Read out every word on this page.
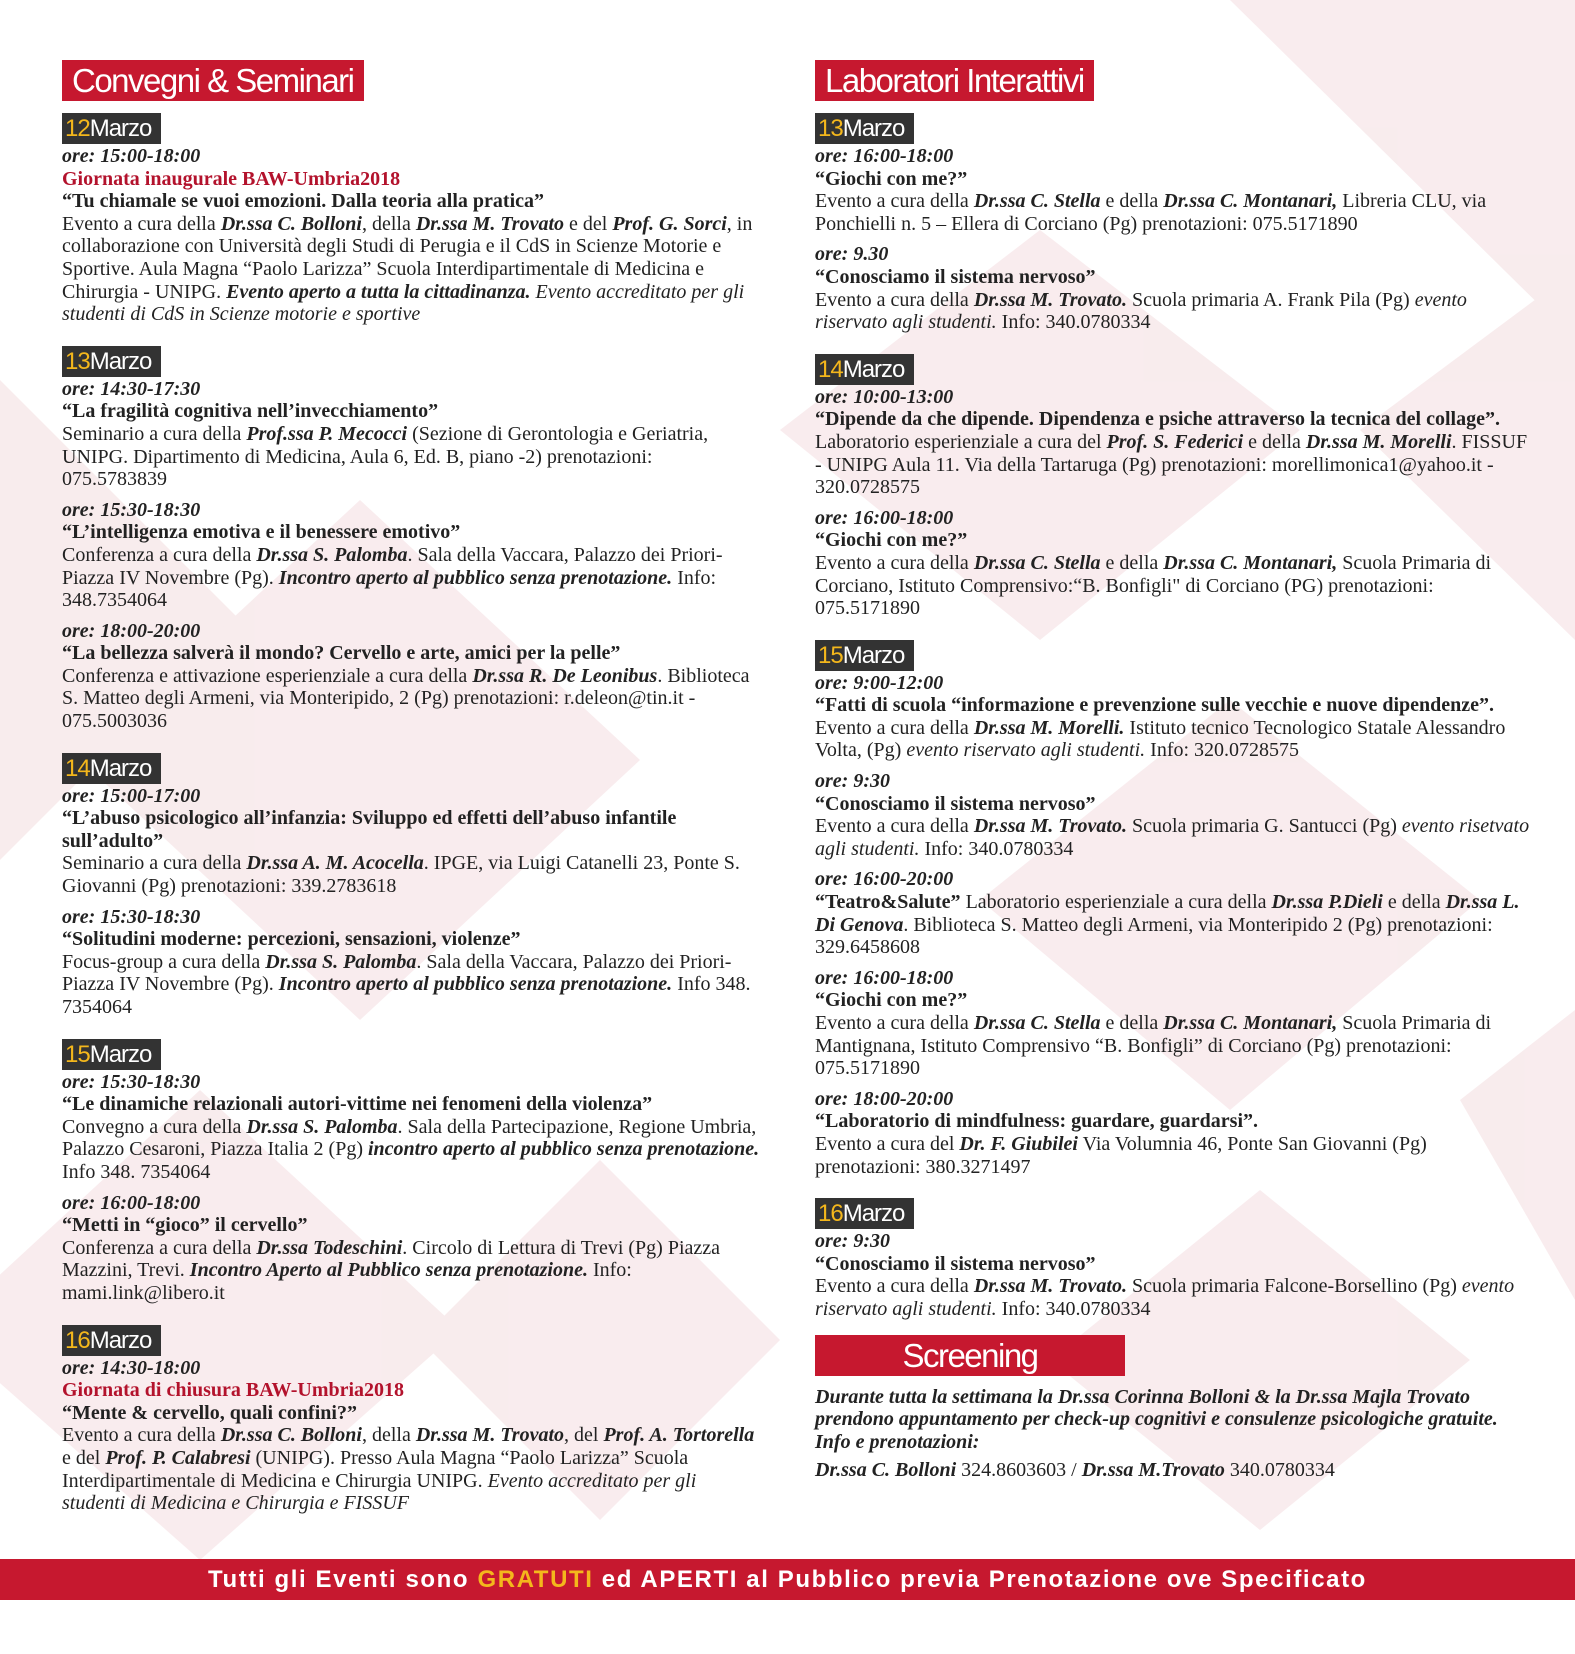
Convegni & Seminari
12Marzo
ore: 15:00-18:00
Giornata inaugurale BAW-Umbria2018
“Tu chiamale se vuoi emozioni. Dalla teoria alla pratica”
Evento a cura della Dr.ssa C. Bolloni, della Dr.ssa M. Trovato e del Prof. G. Sorci, in collaborazione con Università degli Studi di Perugia e il CdS in Scienze Motorie e Sportive. Aula Magna “Paolo Larizza” Scuola Interdipartimentale di Medicina e Chirurgia - UNIPG. Evento aperto a tutta la cittadinanza. Evento accreditato per gli studenti di CdS in Scienze motorie e sportive
13Marzo
ore: 14:30-17:30
“La fragilità cognitiva nell’invecchiamento”
Seminario a cura della Prof.ssa P. Mecocci (Sezione di Gerontologia e Geriatria, UNIPG. Dipartimento di Medicina, Aula 6, Ed. B, piano -2) prenotazioni: 075.5783839
ore: 15:30-18:30
“L’intelligenza emotiva e il benessere emotivo”
Conferenza a cura della Dr.ssa S. Palomba. Sala della Vaccara, Palazzo dei Priori-Piazza IV Novembre (Pg). Incontro aperto al pubblico senza prenotazione. Info: 348.7354064
ore: 18:00-20:00
“La bellezza salverà il mondo? Cervello e arte, amici per la pelle”
Conferenza e attivazione esperienziale a cura della Dr.ssa R. De Leonibus. Biblioteca S. Matteo degli Armeni, via Monteripido, 2 (Pg) prenotazioni: r.deleon@tin.it - 075.5003036
14Marzo
ore: 15:00-17:00
“L’abuso psicologico all’infanzia: Sviluppo ed effetti dell’abuso infantile sull’adulto”
Seminario a cura della Dr.ssa A. M. Acocella. IPGE, via Luigi Catanelli 23, Ponte S. Giovanni (Pg) prenotazioni: 339.2783618
ore: 15:30-18:30
“Solitudini moderne: percezioni, sensazioni, violenze”
Focus-group a cura della Dr.ssa S. Palomba. Sala della Vaccara, Palazzo dei Priori-Piazza IV Novembre (Pg). Incontro aperto al pubblico senza prenotazione. Info 348. 7354064
15Marzo
ore: 15:30-18:30
“Le dinamiche relazionali autori-vittime nei fenomeni della violenza”
Convegno a cura della Dr.ssa S. Palomba. Sala della Partecipazione, Regione Umbria, Palazzo Cesaroni, Piazza Italia 2 (Pg) incontro aperto al pubblico senza prenotazione. Info 348. 7354064
ore: 16:00-18:00
“Metti in “gioco” il cervello”
Conferenza a cura della Dr.ssa Todeschini. Circolo di Lettura di Trevi (Pg) Piazza Mazzini, Trevi. Incontro Aperto al Pubblico senza prenotazione. Info: mami.link@libero.it
16Marzo
ore: 14:30-18:00
Giornata di chiusura BAW-Umbria2018
“Mente & cervello, quali confini?”
Evento a cura della Dr.ssa C. Bolloni, della Dr.ssa M. Trovato, del Prof. A. Tortorella e del Prof. P. Calabresi (UNIPG). Presso Aula Magna “Paolo Larizza” Scuola Interdipartimentale di Medicina e Chirurgia UNIPG. Evento accreditato per gli studenti di Medicina e Chirurgia e FISSUF
Laboratori Interattivi
13Marzo
ore: 16:00-18:00
“Giochi con me?”
Evento a cura della Dr.ssa C. Stella e della Dr.ssa C. Montanari, Libreria CLU, via Ponchielli n. 5 – Ellera di Corciano (Pg) prenotazioni: 075.5171890
ore: 9.30
“Conosciamo il sistema nervoso”
Evento a cura della Dr.ssa M. Trovato. Scuola primaria A. Frank Pila (Pg) evento riservato agli studenti. Info: 340.0780334
14Marzo
ore: 10:00-13:00
“Dipende da che dipende. Dipendenza e psiche attraverso la tecnica del collage”.
Laboratorio esperienziale a cura del Prof. S. Federici e della Dr.ssa M. Morelli. FISSUF - UNIPG Aula 11. Via della Tartaruga (Pg) prenotazioni: morellimonica1@yahoo.it - 320.0728575
ore: 16:00-18:00
“Giochi con me?”
Evento a cura della Dr.ssa C. Stella e della Dr.ssa C. Montanari, Scuola Primaria di Corciano, Istituto Comprensivo:“B. Bonfigli" di Corciano (PG) prenotazioni: 075.5171890
15Marzo
ore: 9:00-12:00
“Fatti di scuola “informazione e prevenzione sulle vecchie e nuove dipendenze”.
Evento a cura della Dr.ssa M. Morelli. Istituto tecnico Tecnologico Statale Alessandro Volta, (Pg) evento riservato agli studenti. Info: 320.0728575
ore: 9:30
“Conosciamo il sistema nervoso”
Evento a cura della Dr.ssa M. Trovato. Scuola primaria G. Santucci (Pg) evento risetvato agli studenti. Info: 340.0780334
ore: 16:00-20:00
“Teatro&Salute” Laboratorio esperienziale a cura della Dr.ssa P.Dieli e della Dr.ssa L. Di Genova. Biblioteca S. Matteo degli Armeni, via Monteripido 2 (Pg) prenotazioni: 329.6458608
ore: 16:00-18:00
“Giochi con me?”
Evento a cura della Dr.ssa C. Stella e della Dr.ssa C. Montanari, Scuola Primaria di Mantignana, Istituto Comprensivo “B. Bonfigli” di Corciano (Pg) prenotazioni: 075.5171890
ore: 18:00-20:00
“Laboratorio di mindfulness: guardare, guardarsi”.
Evento a cura del Dr. F. Giubilei Via Volumnia 46, Ponte San Giovanni (Pg) prenotazioni: 380.3271497
16Marzo
ore: 9:30
“Conosciamo il sistema nervoso”
Evento a cura della Dr.ssa M. Trovato. Scuola primaria Falcone-Borsellino (Pg) evento riservato agli studenti. Info: 340.0780334
Screening
Durante tutta la settimana la Dr.ssa Corinna Bolloni & la Dr.ssa Majla Trovato prendono appuntamento per check-up cognitivi e consulenze psicologiche gratuite. Info e prenotazioni:
Dr.ssa C. Bolloni 324.8603603 / Dr.ssa M.Trovato 340.0780334
Tutti gli Eventi sono GRATUTI ed APERTI al Pubblico previa Prenotazione ove Specificato
